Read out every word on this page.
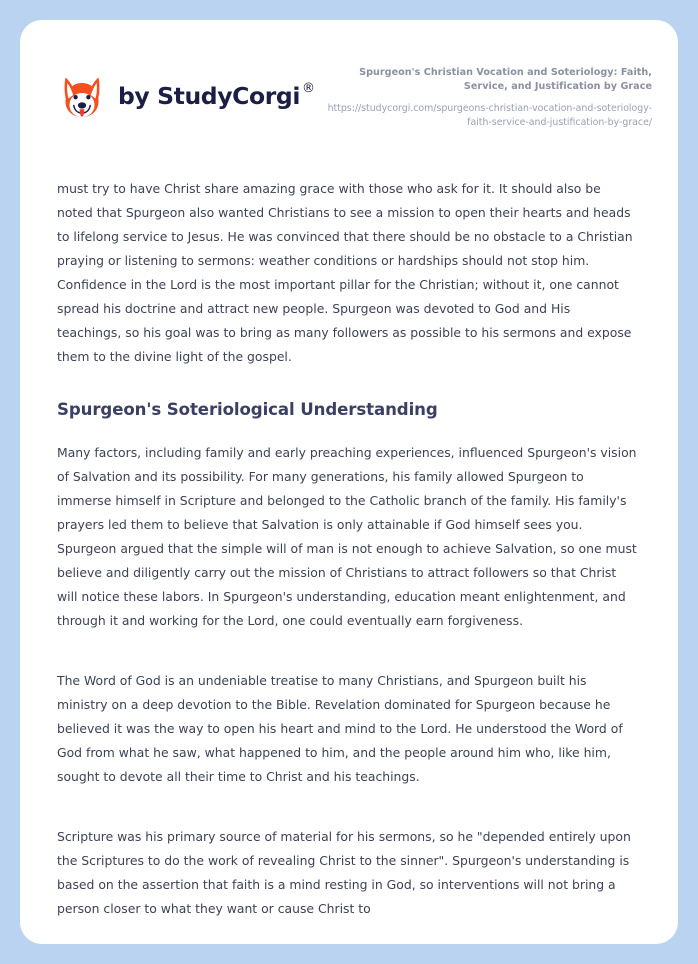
by StudyCorgi ®

Spurgeon's Christian Vocation and Soteriology: Faith, Service, and Justification by Grace

https://studycorgi.com/spurgeons-christian-vocation-and-soteriology-faith-service-and-justification-by-grace/

must try to have Christ share amazing grace with those who ask for it. It should also be noted that Spurgeon also wanted Christians to see a mission to open their hearts and heads to lifelong service to Jesus. He was convinced that there should be no obstacle to a Christian praying or listening to sermons: weather conditions or hardships should not stop him. Confidence in the Lord is the most important pillar for the Christian; without it, one cannot spread his doctrine and attract new people. Spurgeon was devoted to God and His teachings, so his goal was to bring as many followers as possible to his sermons and expose them to the divine light of the gospel.

Spurgeon's Soteriological Understanding

Many factors, including family and early preaching experiences, influenced Spurgeon's vision of Salvation and its possibility. For many generations, his family allowed Spurgeon to immerse himself in Scripture and belonged to the Catholic branch of the family. His family's prayers led them to believe that Salvation is only attainable if God himself sees you. Spurgeon argued that the simple will of man is not enough to achieve Salvation, so one must believe and diligently carry out the mission of Christians to attract followers so that Christ will notice these labors. In Spurgeon's understanding, education meant enlightenment, and through it and working for the Lord, one could eventually earn forgiveness.

The Word of God is an undeniable treatise to many Christians, and Spurgeon built his ministry on a deep devotion to the Bible. Revelation dominated for Spurgeon because he believed it was the way to open his heart and mind to the Lord. He understood the Word of God from what he saw, what happened to him, and the people around him who, like him, sought to devote all their time to Christ and his teachings.

Scripture was his primary source of material for his sermons, so he "depended entirely upon the Scriptures to do the work of revealing Christ to the sinner". Spurgeon's understanding is based on the assertion that faith is a mind resting in God, so interventions will not bring a person closer to what they want or cause Christ to
